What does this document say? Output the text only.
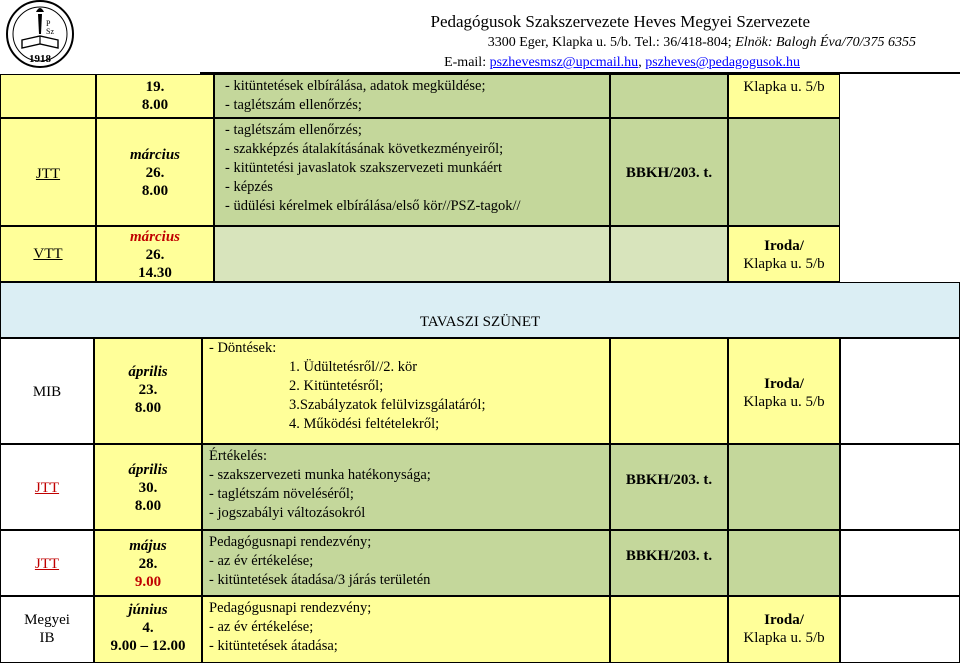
P Sz
1918
Pedagógusok Szakszervezete Heves Megyei Szervezete
3300 Eger, Klapka u. 5/b. Tel.: 36/418-804; Elnök: Balogh Éva/70/375 6355
E-mail: pszhevesmsz@upcmail.hu, pszheves@pedagogusok.hu
19.
8.00
- kitüntetések elbírálása, adatok megküldése;
- taglétszám ellenőrzés;
Klapka u. 5/b
JTT
március
26.
8.00
- taglétszám ellenőrzés;
- szakképzés átalakításának következményeiről;
- kitüntetési javaslatok szakszervezeti munkáért
- képzés
- üdülési kérelmek elbírálása/első kör//PSZ-tagok//
BBKH/203. t.
VTT
március
26.
14.30
Iroda/
Klapka u. 5/b
TAVASZI SZÜNET
MIB
JTT
JTT
Megyei
IB
április
23.
8.00
április
30.
8.00
május
28.
9.00
június
4.
9.00 – 12.00
- Döntések:
1. Üdültetésről//2. kör
2. Kitüntetésről;
3.Szabályzatok felülvizsgálatáról;
4. Működési feltételekről;
Értékelés:
- szakszervezeti munka hatékonysága;
- taglétszám növeléséről;
- jogszabályi változásokról
Pedagógusnapi rendezvény;
- az év értékelése;
- kitüntetések átadása/3 járás területén
Pedagógusnapi rendezvény;
- az év értékelése;
- kitüntetések átadása;
BBKH/203. t.
BBKH/203. t.
Iroda/
Klapka u. 5/b
Iroda/
Klapka u. 5/b
